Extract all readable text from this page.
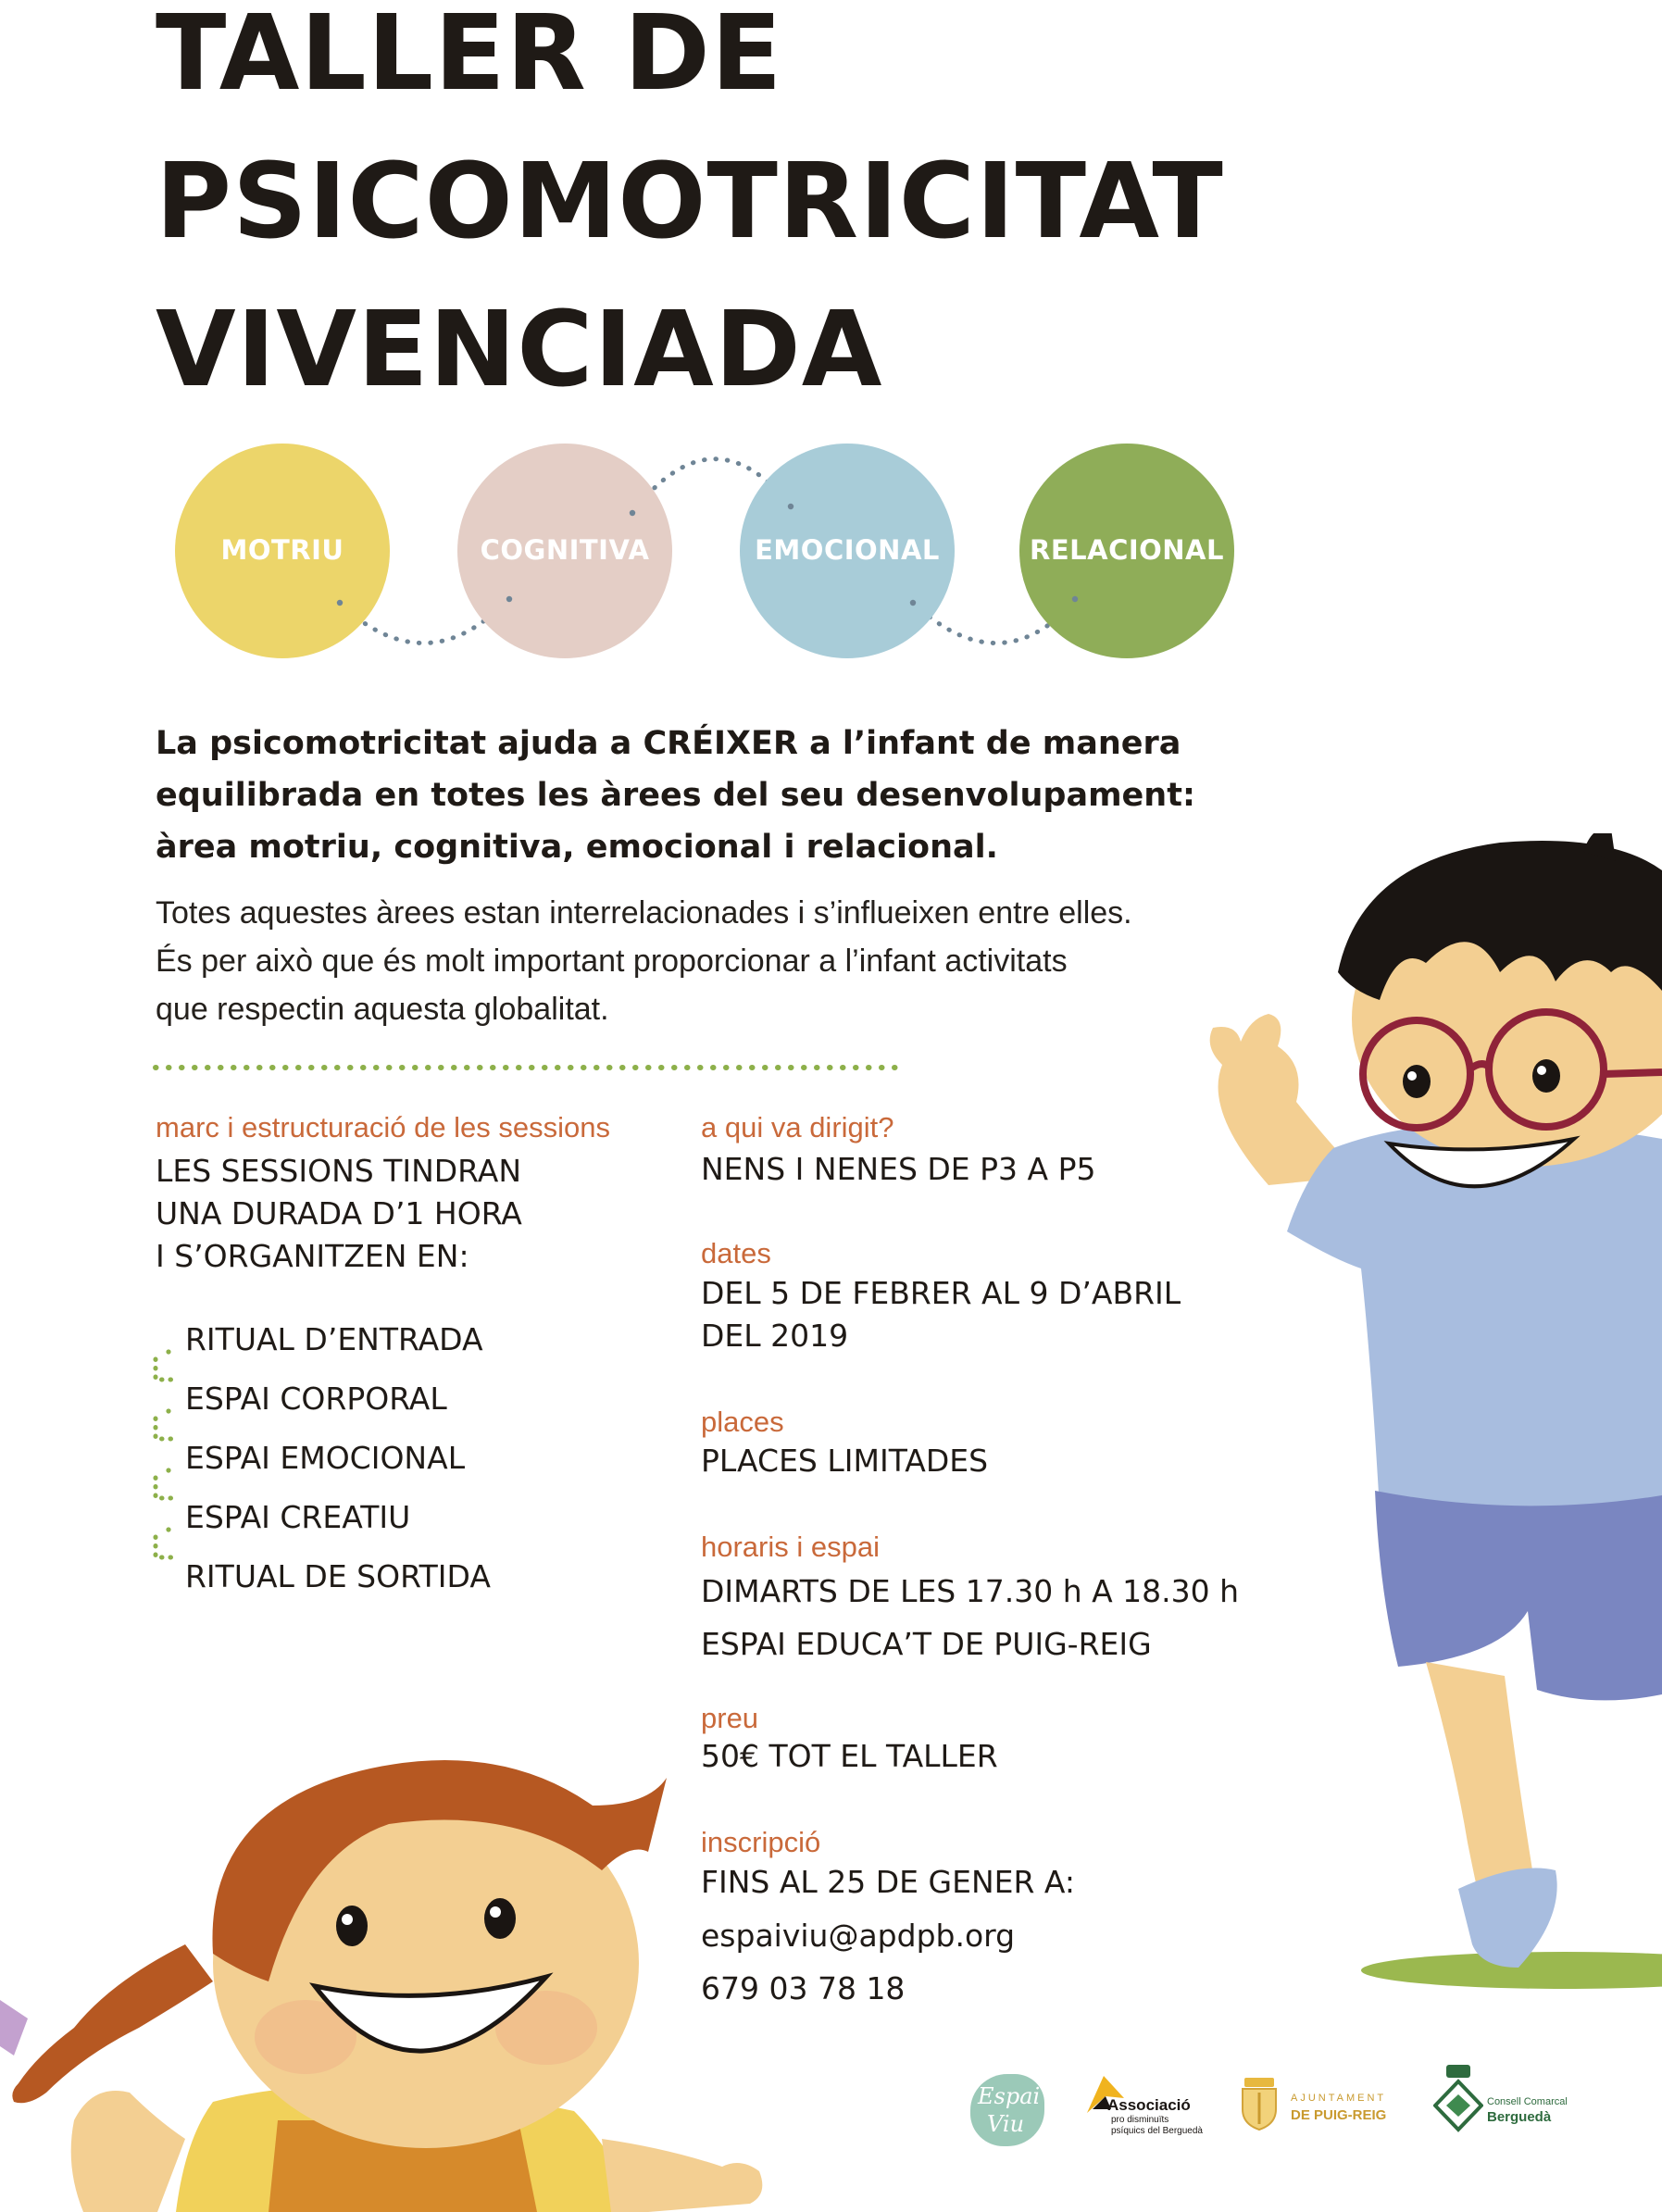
TALLER DE
PSICOMOTRICITAT
VIVENCIADA
MOTRIU	COGNITIVA	EMOCIONAL	RELACIONAL

La psicomotricitat ajuda a CRÉIXER a l’infant de manera
equilibrada en totes les àrees del seu desenvolupament:
àrea motriu, cognitiva, emocional i relacional.

Totes aquestes àrees estan interrelacionades i s’influeixen entre elles.
És per això que és molt important proporcionar a l’infant activitats
que respectin aquesta globalitat.

marc i estructuració de les sessions
LES SESSIONS TINDRAN
UNA DURADA D’1 HORA
I S’ORGANITZEN EN:
RITUAL D’ENTRADA
ESPAI CORPORAL
ESPAI EMOCIONAL
ESPAI CREATIU
RITUAL DE SORTIDA
a qui va dirigit?
NENS I NENES DE P3 A P5
dates
DEL 5 DE FEBRER AL 9 D’ABRIL
DEL 2019
places
PLACES LIMITADES
horaris i espai
DIMARTS DE LES 17.30 h A 18.30 h
ESPAI EDUCA’T DE PUIG-REIG
preu
50€ TOT EL TALLER
inscripció
FINS AL 25 DE GENER A:
espaiviu@apdpb.org
679 03 78 18
Espai
Viu
Associació
pro disminuïts
psíquics del Berguedà
AJUNTAMENT
DE PUIG-REIG
Consell Comarcal
Berguedà
